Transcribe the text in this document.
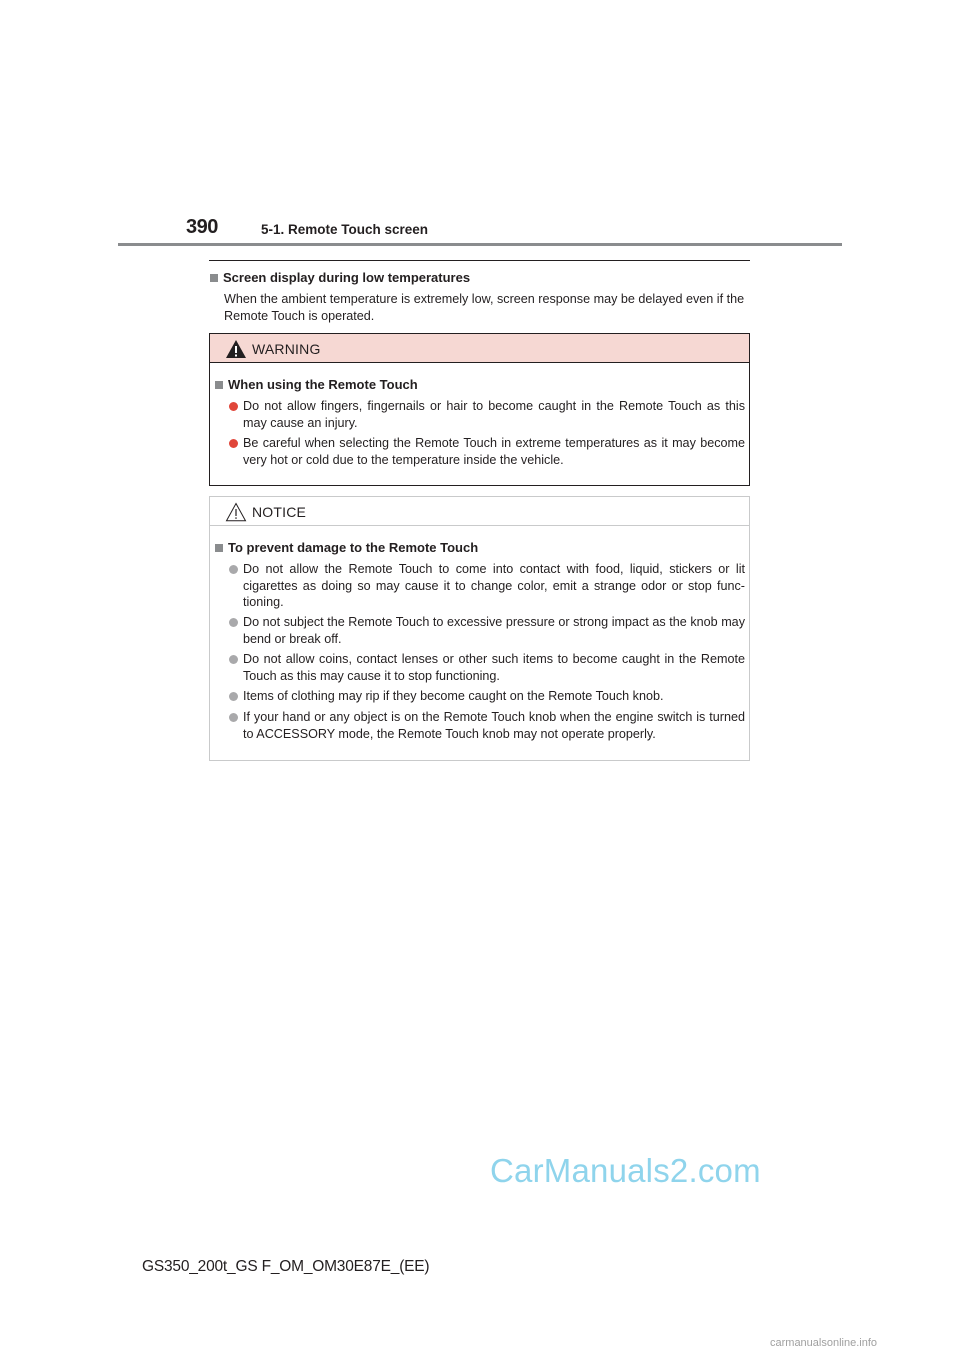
390	5-1. Remote Touch screen
Screen display during low temperatures
When the ambient temperature is extremely low, screen response may be delayed even if the Remote Touch is operated.
WARNING
When using the Remote Touch
Do not allow fingers, fingernails or hair to become caught in the Remote Touch as this may cause an injury.
Be careful when selecting the Remote Touch in extreme temperatures as it may become very hot or cold due to the temperature inside the vehicle.
NOTICE
To prevent damage to the Remote Touch
Do not allow the Remote Touch to come into contact with food, liquid, stickers or lit cigarettes as doing so may cause it to change color, emit a strange odor or stop func-tioning.
Do not subject the Remote Touch to excessive pressure or strong impact as the knob may bend or break off.
Do not allow coins, contact lenses or other such items to become caught in the Remote Touch as this may cause it to stop functioning.
Items of clothing may rip if they become caught on the Remote Touch knob.
If your hand or any object is on the Remote Touch knob when the engine switch is turned to ACCESSORY mode, the Remote Touch knob may not operate properly.
CarManuals2.com
carmanualsonline.info
GS350_200t_GS F_OM_OM30E87E_(EE)
